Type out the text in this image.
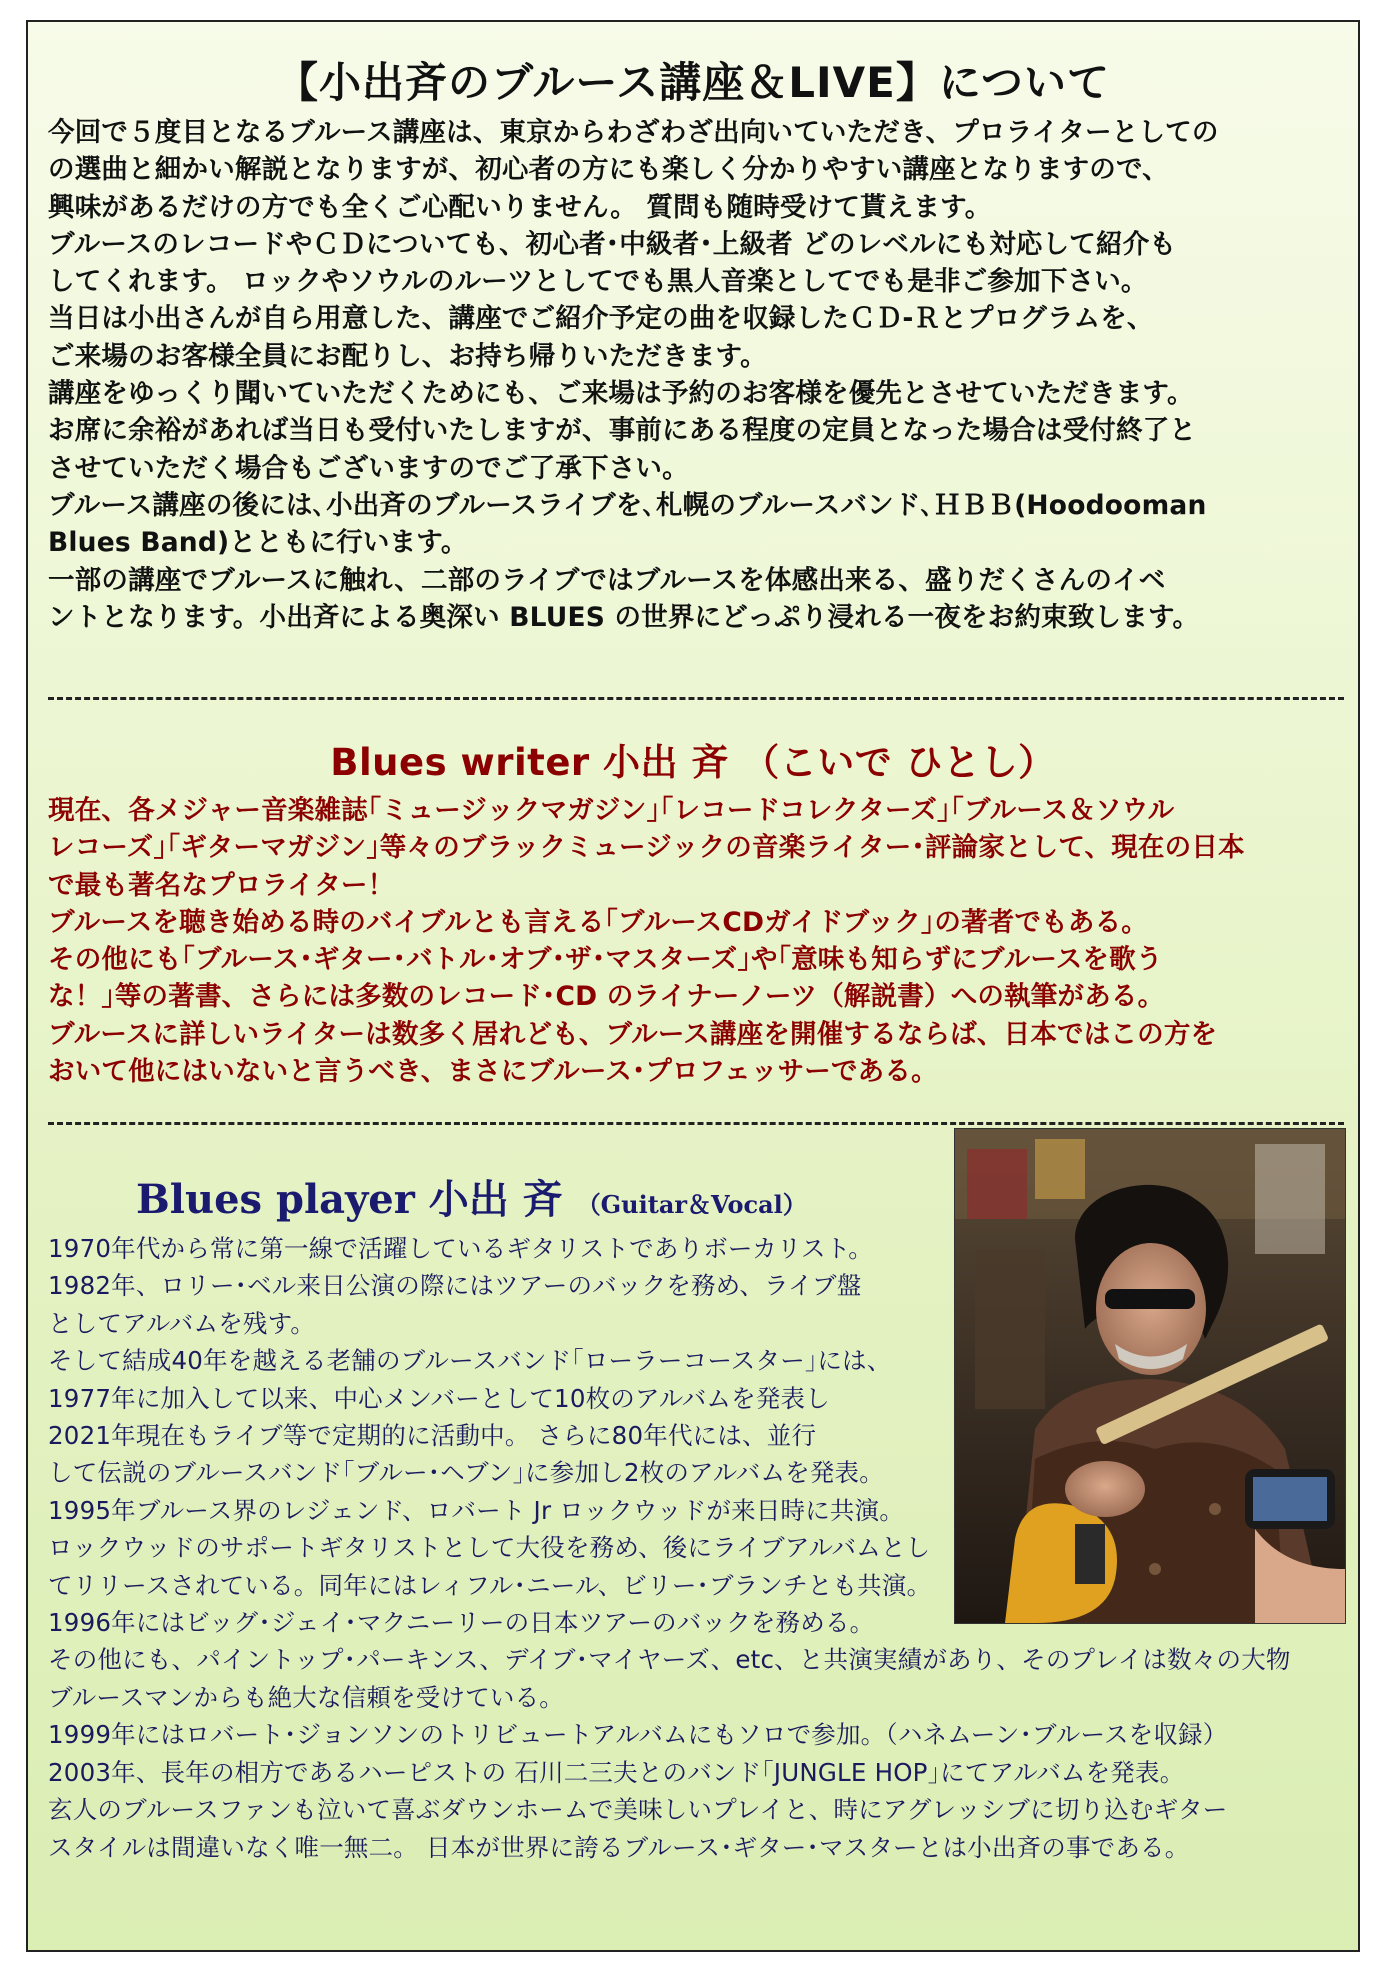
【小出斉のブルース講座＆LIVE】について
今回で５度目となるブルース講座は、東京からわざわざ出向いていただき、プロライターとしての
の選曲と細かい解説となりますが、初心者の方にも楽しく分かりやすい講座となりますので、
興味があるだけの方でも全くご心配いりません。 質問も随時受けて貰えます。
ブルースのレコードやＣＤについても、初心者･中級者･上級者 どのレベルにも対応して紹介も
してくれます。 ロックやソウルのルーツとしてでも黒人音楽としてでも是非ご参加下さい。
当日は小出さんが自ら用意した、講座でご紹介予定の曲を収録したＣＤ-Ｒとプログラムを、
ご来場のお客様全員にお配りし、お持ち帰りいただきます。
講座をゆっくり聞いていただくためにも、ご来場は予約のお客様を優先とさせていただきます。
お席に余裕があれば当日も受付いたしますが、事前にある程度の定員となった場合は受付終了と
させていただく場合もございますのでご了承下さい。
ブルース講座の後には､小出斉のブルースライブを､札幌のブルースバンド､ＨＢＢ(Hoodooman
Blues Band)とともに行います。
一部の講座でブルースに触れ、二部のライブではブルースを体感出来る、盛りだくさんのイベ
ントとなります。小出斉による奥深い BLUES の世界にどっぷり浸れる一夜をお約束致します。
Blues writer 小出 斉 （こいで ひとし）
現在、各メジャー音楽雑誌｢ミュージックマガジン｣｢レコードコレクターズ｣｢ブルース＆ソウル
レコーズ｣｢ギターマガジン｣等々のブラックミュージックの音楽ライター･評論家として、現在の日本
で最も著名なプロライター！
ブルースを聴き始める時のバイブルとも言える｢ブルースCDガイドブック｣の著者でもある。
その他にも｢ブルース･ギター･バトル･オブ･ザ･マスターズ｣や｢意味も知らずにブルースを歌う
な！｣等の著書、さらには多数のレコード･CD のライナーノーツ（解説書）への執筆がある。
ブルースに詳しいライターは数多く居れども、ブルース講座を開催するならば、日本ではこの方を
おいて他にはいないと言うべき、まさにブルース･プロフェッサーである。
Blues player 小出 斉 （Guitar＆Vocal）
1970年代から常に第一線で活躍しているギタリストでありボーカリスト。
1982年、ロリー･ベル来日公演の際にはツアーのバックを務め、ライブ盤
としてアルバムを残す。
そして結成40年を越える老舗のブルースバンド｢ローラーコースター｣には、
1977年に加入して以来、中心メンバーとして10枚のアルバムを発表し
2021年現在もライブ等で定期的に活動中。 さらに80年代には、並行
して伝説のブルースバンド｢ブルー･ヘブン｣に参加し2枚のアルバムを発表。
1995年ブルース界のレジェンド、ロバート Jr ロックウッドが来日時に共演。
ロックウッドのサポートギタリストとして大役を務め、後にライブアルバムとし
てリリースされている。同年にはレィフル･ニール、ビリー･ブランチとも共演。
1996年にはビッグ･ジェイ･マクニーリーの日本ツアーのバックを務める。
その他にも、パイントップ･パーキンス、デイブ･マイヤーズ、etc、と共演実績があり、そのプレイは数々の大物
ブルースマンからも絶大な信頼を受けている。
1999年にはロバート･ジョンソンのトリビュートアルバムにもソロで参加。（ハネムーン･ブルースを収録）
2003年、長年の相方であるハーピストの 石川二三夫とのバンド｢JUNGLE HOP｣にてアルバムを発表。
玄人のブルースファンも泣いて喜ぶダウンホームで美味しいプレイと、時にアグレッシブに切り込むギター
スタイルは間違いなく唯一無二。 日本が世界に誇るブルース･ギター･マスターとは小出斉の事である。
